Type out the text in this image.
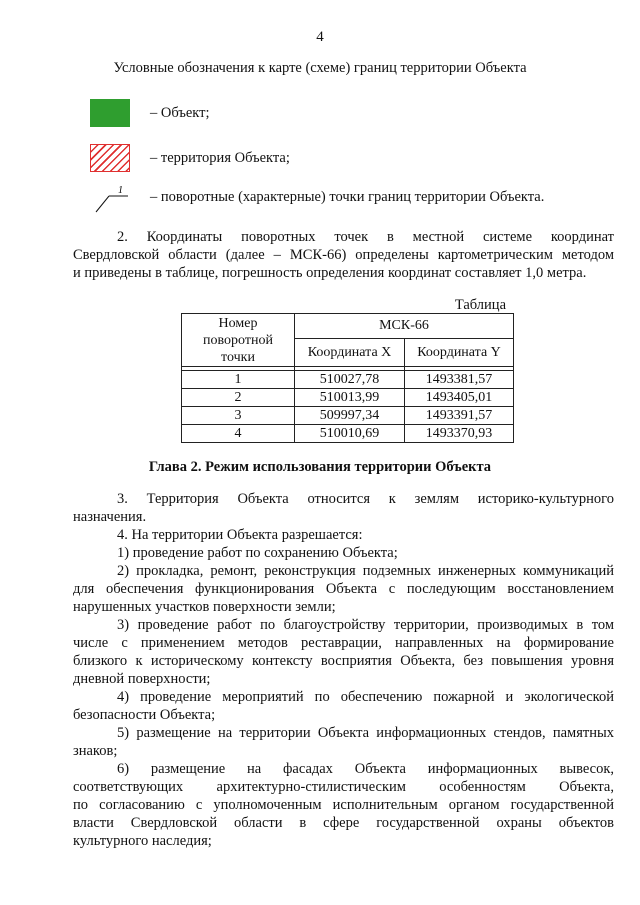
4
Условные обозначения к карте (схеме) границ территории Объекта
– Объект;
– территория Объекта;
1 – поворотные (характерные) точки границ территории Объекта.
2. Координаты поворотных точек в местной системе координат
Свердловской области (далее – МСК-66) определены картометрическим методом
и приведены в таблице, погрешность определения координат составляет 1,0 метра.
Таблица
Номер
поворотной
точки	МСК-66	
	Координата X	Координата Y

1	510027,78	1493381,57
2	510013,99	1493405,01
3	509997,34	1493391,57
4	510010,69	1493370,93
Глава 2. Режим использования территории Объекта
3. Территория Объекта относится к землям историко-культурного
назначения.
4. На территории Объекта разрешается:
1) проведение работ по сохранению Объекта;
2) прокладка, ремонт, реконструкция подземных инженерных коммуникаций
для обеспечения функционирования Объекта с последующим восстановлением
нарушенных участков поверхности земли;
3) проведение работ по благоустройству территории, производимых в том
числе с применением методов реставрации, направленных на формирование
близкого к историческому контексту восприятия Объекта, без повышения уровня
дневной поверхности;
4) проведение мероприятий по обеспечению пожарной и экологической
безопасности Объекта;
5) размещение на территории Объекта информационных стендов, памятных
знаков;
6) размещение на фасадах Объекта информационных вывесок,
соответствующих архитектурно-стилистическим особенностям Объекта,
по согласованию с уполномоченным исполнительным органом государственной
власти Свердловской области в сфере государственной охраны объектов
культурного наследия;
